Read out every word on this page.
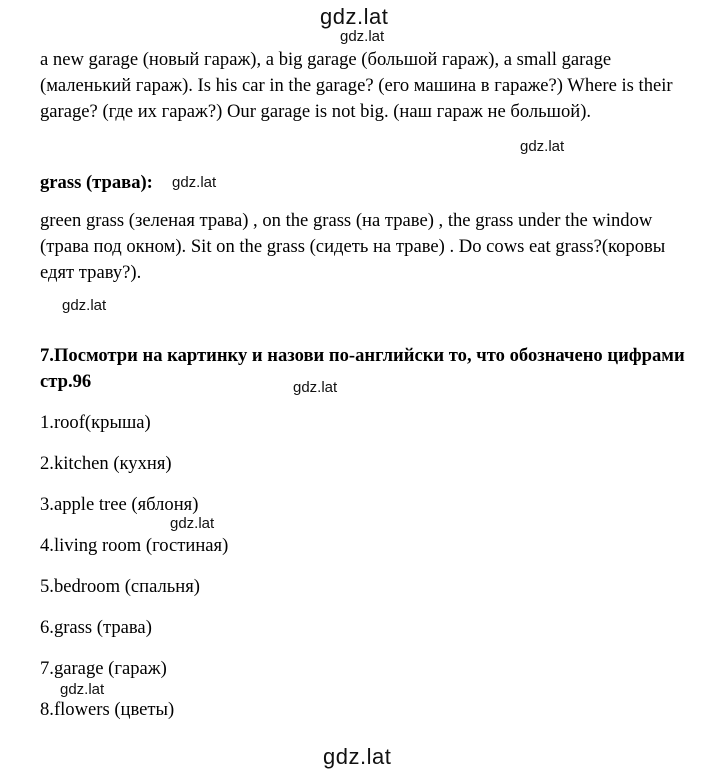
gdz.lat
gdz.lat
a new garage (новый гараж), a big garage (большой гараж), a small garage (маленький гараж). Is his car in the garage? (его машина в гараже?) Where is their garage? (где их гараж?) Our garage is not big. (наш гараж не большой).
gdz.lat
grass (трава): gdz.lat
green grass (зеленая трава) , on the grass (на траве) , the grass under the window (трава под окном). Sit on the grass (сидеть на траве) . Do cows eat grass?(коровы едят траву?).
gdz.lat
7.Посмотри на картинку и назови по-английски то, что обозначено цифрами стр.96	gdz.lat
1.roof(крыша)
2.kitchen (кухня)
3.apple tree (яблоня)
gdz.lat
4.living room (гостиная)
5.bedroom (спальня)
6.grass (трава)
7.garage (гараж)
gdz.lat
8.flowers (цветы)
gdz.lat
